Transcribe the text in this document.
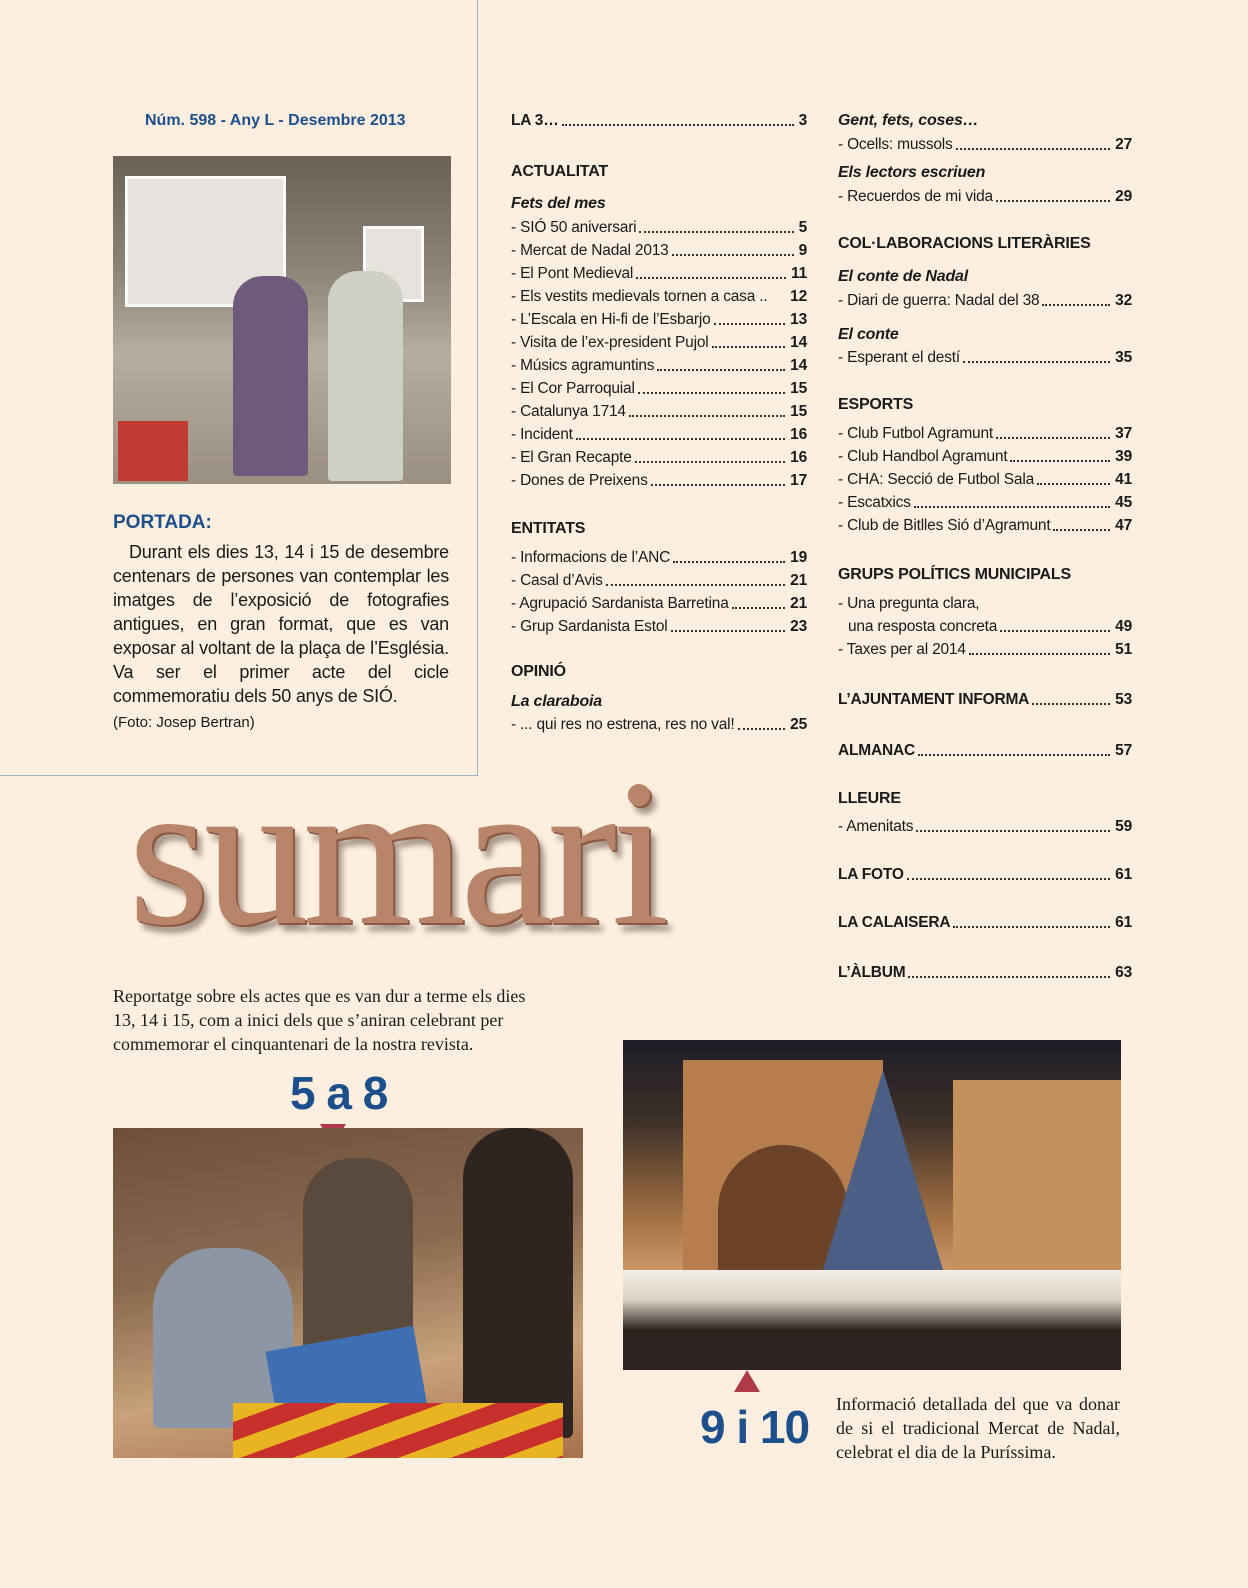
Núm. 598 - Any L - Desembre 2013
PORTADA:
Durant els dies 13, 14 i 15 de desembre centenars de persones van contemplar les imatges de l’exposició de fotografies antigues, en gran format, que es van exposar al voltant de la plaça de l’Església. Va ser el primer acte del cicle commemoratiu dels 50 anys de SIÓ.
(Foto: Josep Bertran)
LA 3…	3
ACTUALITAT
Fets del mes
- SIÓ 50 aniversari	5
- Mercat de Nadal 2013	9
- El Pont Medieval	11
- Els vestits medievals tornen a casa .. 12
- L’Escala en Hi-fi de l’Esbarjo	13
- Visita de l’ex-president Pujol	14
- Músics agramuntins	14
- El Cor Parroquial	15
- Catalunya 1714	15
- Incident	16
- El Gran Recapte	16
- Dones de Preixens	17
ENTITATS
- Informacions de l’ANC	19
- Casal d’Avis	21
- Agrupació Sardanista Barretina	21
- Grup Sardanista Estol	23
OPINIÓ
La claraboia
- ... qui res no estrena, res no val!	25
Gent, fets, coses…
- Ocells: mussols	27
Els lectors escriuen
- Recuerdos de mi vida	29
COL·LABORACIONS LITERÀRIES
El conte de Nadal
- Diari de guerra: Nadal del 38	32
El conte
- Esperant el destí	35
ESPORTS
- Club Futbol Agramunt	37
- Club Handbol Agramunt	39
- CHA: Secció de Futbol Sala	41
- Escatxics	45
- Club de Bitlles Sió d’Agramunt	47
GRUPS POLÍTICS MUNICIPALS
- Una pregunta clara,
una resposta concreta	49
- Taxes per al 2014	51
L’AJUNTAMENT INFORMA	53
ALMANAC	57
LLEURE
- Amenitats	59
LA FOTO	61
LA CALAISERA	61
L’ÀLBUM	63
sumari
Reportatge sobre els actes que es van dur a terme els dies 13, 14 i 15, com a inici dels que s’aniran celebrant per commemorar el cinquantenari de la nostra revista.
5 a 8
9 i 10 Informació detallada del que va donar de si el tradicional Mercat de Nadal, celebrat el dia de la Puríssima.
